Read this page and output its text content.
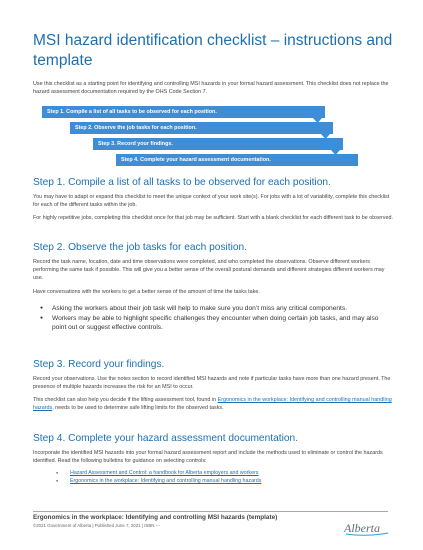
MSI hazard identification checklist – instructions and template
Use this checklist as a starting point for identifying and controlling MSI hazards in your formal hazard assessment. This checklist does not replace the hazard assessment documentation required by the OHS Code Section 7.
Step 1. Compile a list of all tasks to be observed for each position.
Step 2. Observe the job tasks for each position.
Step 3. Record your findings.
Step 4. Complete your hazard assessment documentation.
Step 1. Compile a list of all tasks to be observed for each position.
You may have to adapt or expand this checklist to meet the unique context of your work site(s). For jobs with a lot of variability, complete this checklist for each of the different tasks within the job.
For highly repetitive jobs, completing this checklist once for that job may be sufficient. Start with a blank checklist for each different task to be observed.
Step 2. Observe the job tasks for each position.
Record the task name, location, date and time observations were completed, and who completed the observations. Observe different workers performing the same task if possible. This will give you a better sense of the overall postural demands and different strategies different workers may use.
Have conversations with the workers to get a better sense of the amount of time the tasks take.
● Asking the workers about their job task will help to make sure you don’t miss any critical components.
● Workers may be able to highlight specific challenges they encounter when doing certain job tasks, and may also point out or suggest effective controls.
Step 3. Record your findings.
Record your observations. Use the notes section to record identified MSI hazards and note if particular tasks have more than one hazard present. The presence of multiple hazards increases the risk for an MSI to occur.
This checklist can also help you decide if the lifting assessment tool, found in Ergonomics in the workplace: Identifying and controlling manual handling hazards, needs to be used to determine safe lifting limits for the observed tasks.
Step 4. Complete your hazard assessment documentation.
Incorporate the identified MSI hazards into your formal hazard assessment report and include the methods used to eliminate or control the hazards identified. Read the following bulletins for guidance on selecting controls:
● Hazard Assessment and Control: a handbook for Alberta employers and workers
● Ergonomics in the workplace: Identifying and controlling manual handling hazards
Ergonomics in the workplace: Identifying and controlling MSI hazards (template)
©2021 Government of Alberta | Published June 7, 2021 | ISBN ---	Alberta
